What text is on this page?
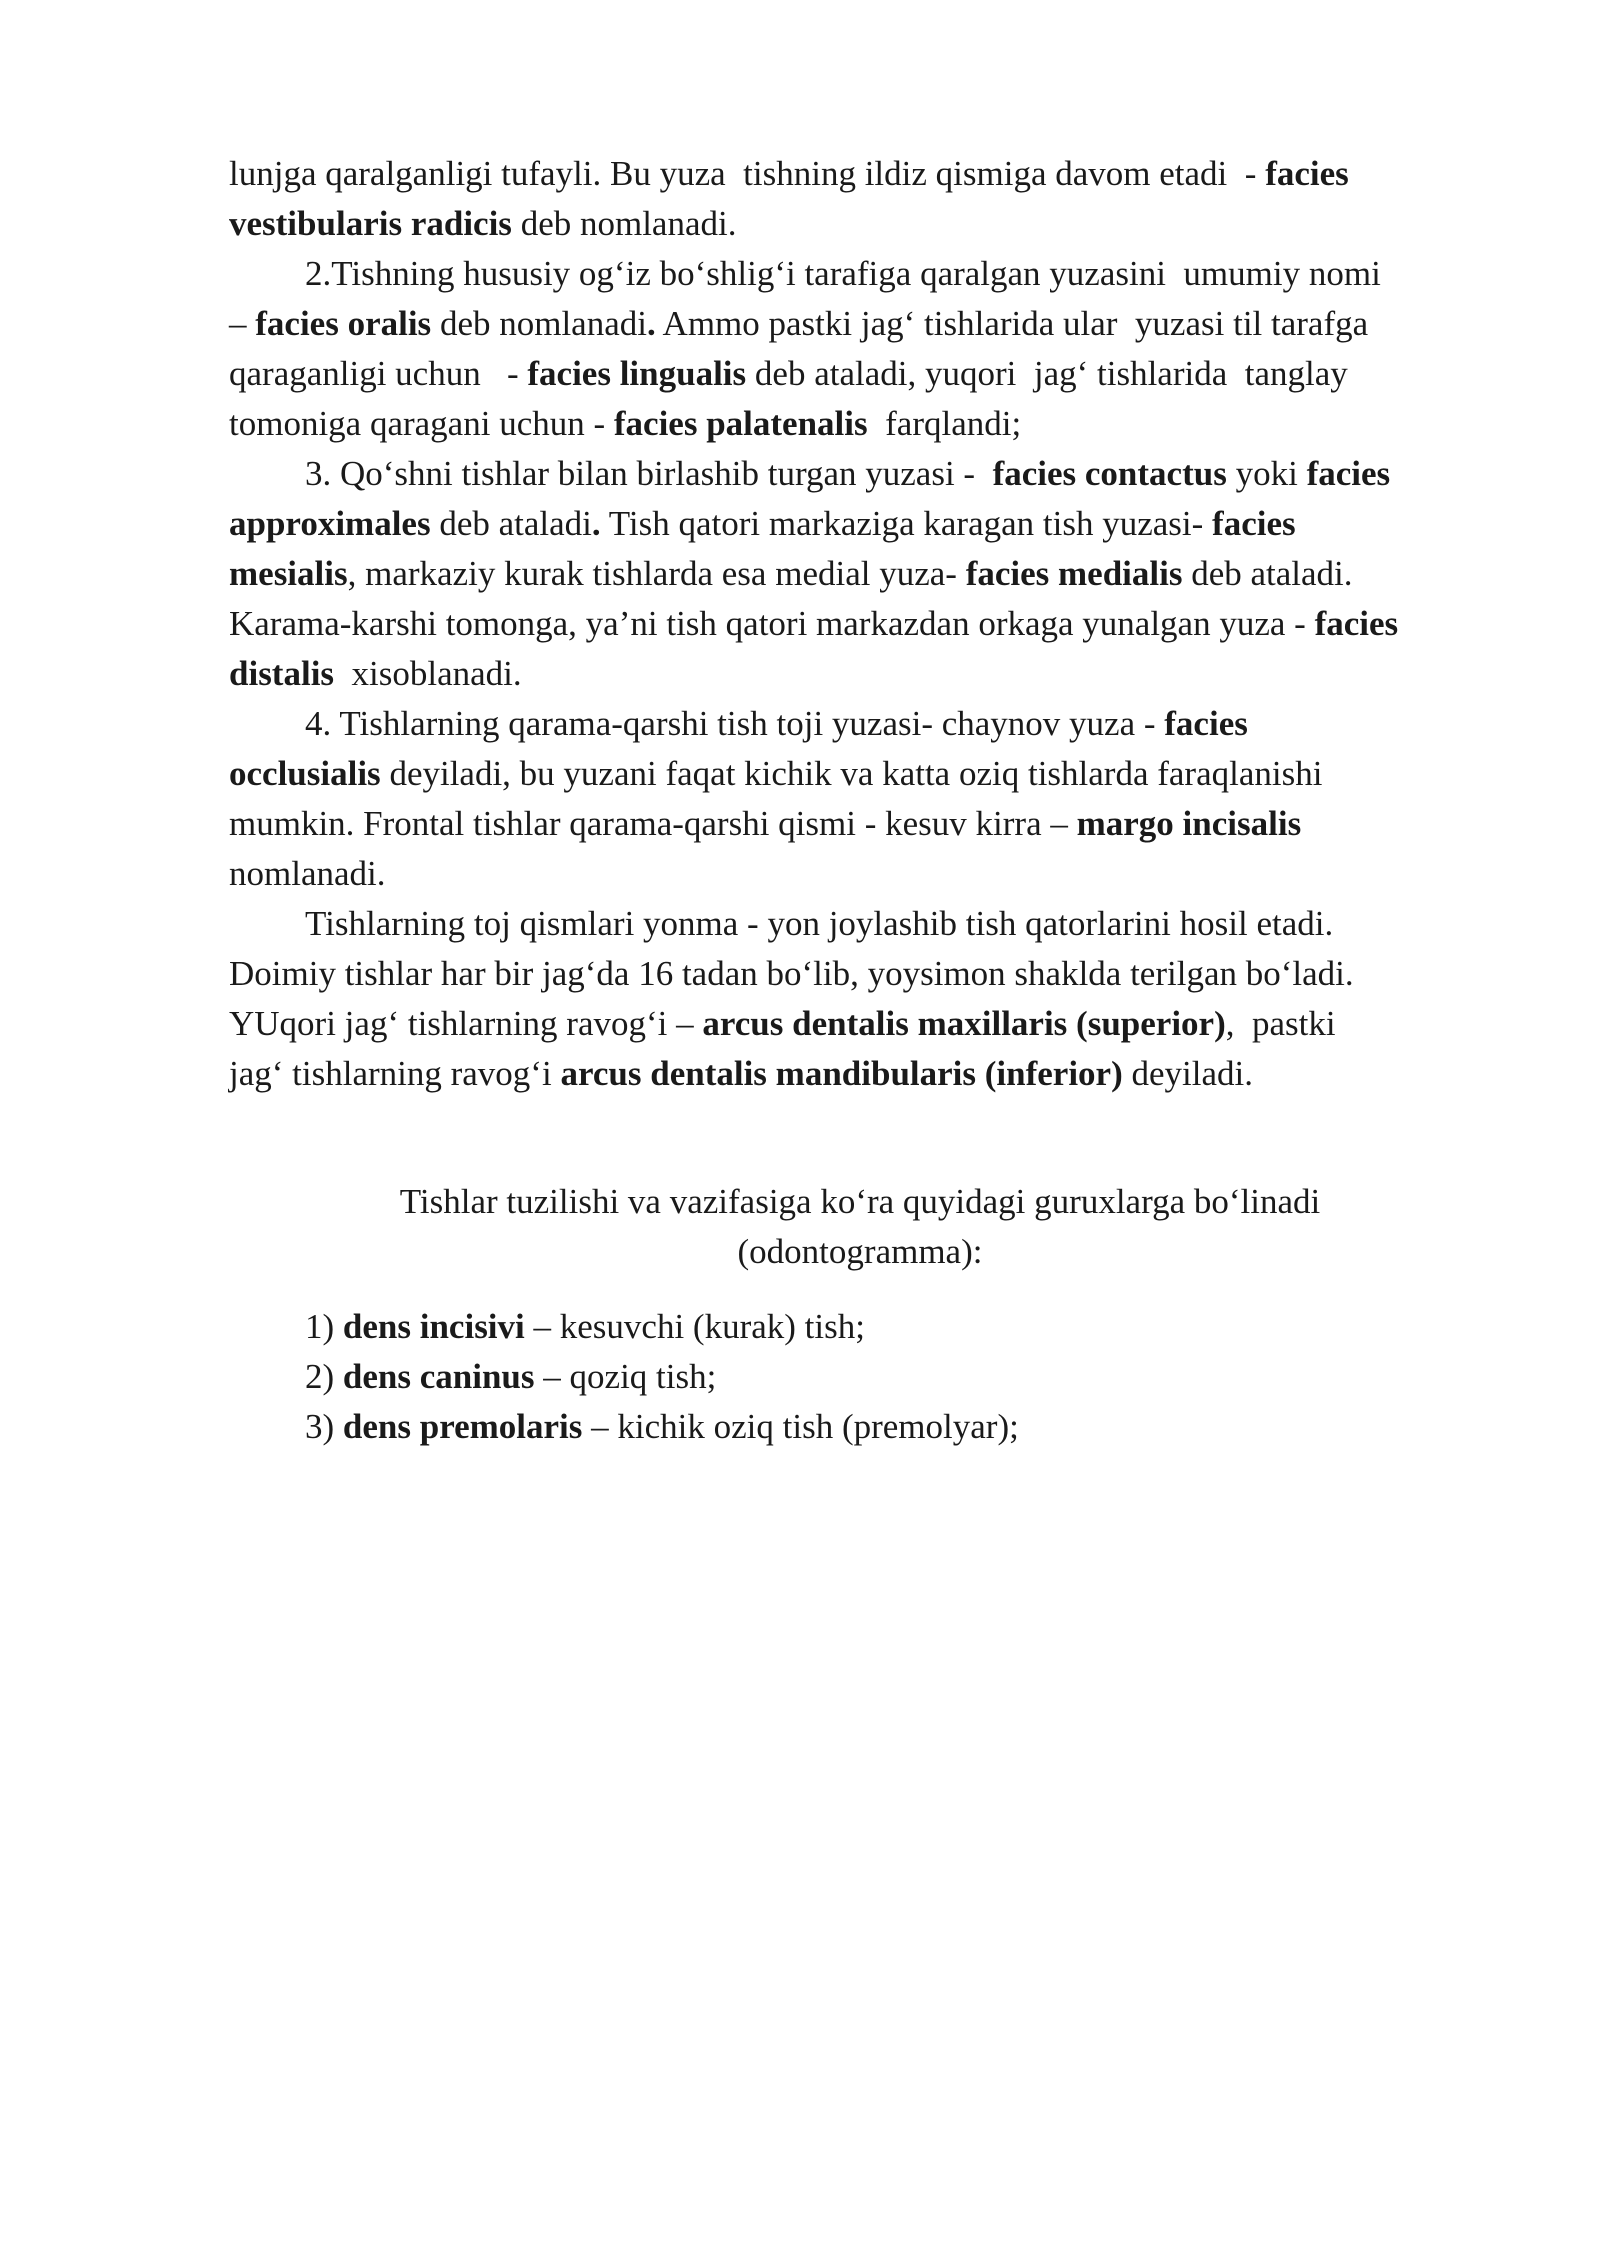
lunjga qaralganligi tufayli. Bu yuza  tishning ildiz qismiga davom etadi  - facies
vestibularis radicis deb nomlanadi.
2.Tishning hususiy og‘iz bo‘shlig‘i tarafiga qaralgan yuzasini  umumiy nomi
– facies oralis deb nomlanadi. Ammo pastki jag‘ tishlarida ular  yuzasi til tarafga
qaraganligi uchun   - facies lingualis deb ataladi, yuqori  jag‘ tishlarida  tanglay
tomoniga qaragani uchun - facies palatenalis  farqlandi;
3. Qo‘shni tishlar bilan birlashib turgan yuzasi -  facies contactus yoki facies
approximales deb ataladi. Tish qatori markaziga karagan tish yuzasi- facies
mesialis, markaziy kurak tishlarda esa medial yuza- facies medialis deb ataladi.
Karama-karshi tomonga, ya’ni tish qatori markazdan orkaga yunalgan yuza - facies
distalis  xisoblanadi.
4. Tishlarning qarama-qarshi tish toji yuzasi- chaynov yuza - facies
occlusialis deyiladi, bu yuzani faqat kichik va katta oziq tishlarda faraqlanishi
mumkin. Frontal tishlar qarama-qarshi qismi - kesuv kirra – margo incisalis
nomlanadi.
Tishlarning toj qismlari yonma - yon joylashib tish qatorlarini hosil etadi.
Doimiy tishlar har bir jag‘da 16 tadan bo‘lib, yoysimon shakldа terilgan bo‘ladi.
YUqori jag‘ tishlarning ravog‘i – arcus dentalis maxillaris (superior),  pastki
jag‘ tishlarning ravog‘i arcus dentalis mandibularis (inferior) deyiladi.
Tishlar tuzilishi va vazifasiga ko‘ra quyidagi guruxlarga bo‘linadi
(odontogramma):
1) dens incisivi – kesuvchi (kurak) tish;
2) dens caninus – qoziq tish;
3) dens premolaris – kichik oziq tish (premolyar);
